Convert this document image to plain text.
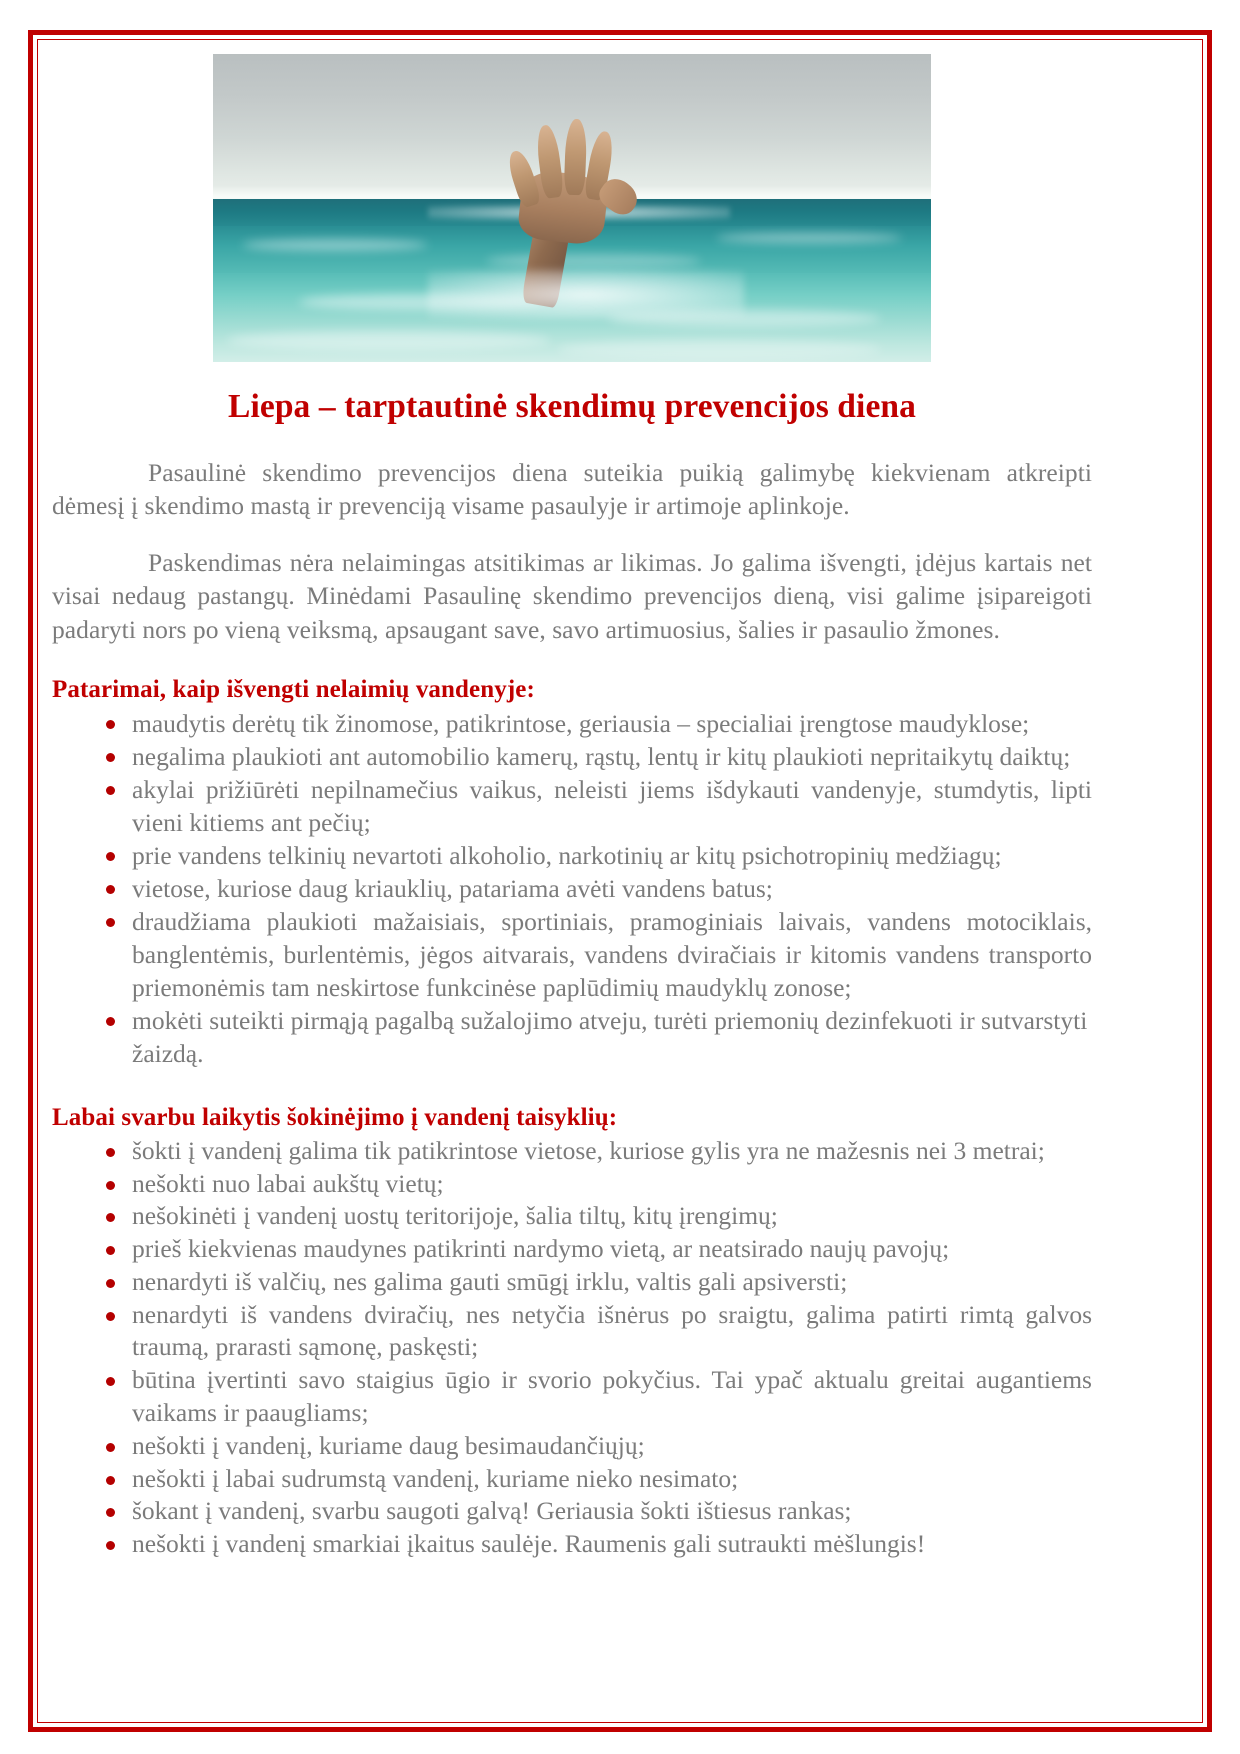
Liepa – tarptautinė skendimų prevencijos diena

Pasaulinė skendimo prevencijos diena suteikia puikią galimybę kiekvienam atkreipti dėmesį į skendimo mastą ir prevenciją visame pasaulyje ir artimoje aplinkoje.

Paskendimas nėra nelaimingas atsitikimas ar likimas. Jo galima išvengti, įdėjus kartais net visai nedaug pastangų. Minėdami Pasaulinę skendimo prevencijos dieną, visi galime įsipareigoti padaryti nors po vieną veiksmą, apsaugant save, savo artimuosius, šalies ir pasaulio žmones.

Patarimai, kaip išvengti nelaimių vandenyje:
maudytis derėtų tik žinomose, patikrintose, geriausia – specialiai įrengtose maudyklose;
negalima plaukioti ant automobilio kamerų, rąstų, lentų ir kitų plaukioti nepritaikytų daiktų;
akylai prižiūrėti nepilnamečius vaikus, neleisti jiems išdykauti vandenyje, stumdytis, lipti vieni kitiems ant pečių;
prie vandens telkinių nevartoti alkoholio, narkotinių ar kitų psichotropinių medžiagų;
vietose, kuriose daug kriauklių, patariama avėti vandens batus;
draudžiama plaukioti mažaisiais, sportiniais, pramoginiais laivais, vandens motociklais, banglentėmis, burlentėmis, jėgos aitvarais, vandens dviračiais ir kitomis vandens transporto priemonėmis tam neskirtose funkcinėse paplūdimių maudyklų zonose;
mokėti suteikti pirmąją pagalbą sužalojimo atveju, turėti priemonių dezinfekuoti ir sutvarstyti žaizdą.
Labai svarbu laikytis šokinėjimo į vandenį taisyklių:
šokti į vandenį galima tik patikrintose vietose, kuriose gylis yra ne mažesnis nei 3 metrai;
nešokti nuo labai aukštų vietų;
nešokinėti į vandenį uostų teritorijoje, šalia tiltų, kitų įrengimų;
prieš kiekvienas maudynes patikrinti nardymo vietą, ar neatsirado naujų pavojų;
nenardyti iš valčių, nes galima gauti smūgį irklu, valtis gali apsiversti;
nenardyti iš vandens dviračių, nes netyčia išnėrus po sraigtu, galima patirti rimtą galvos traumą, prarasti sąmonę, paskęsti;
būtina įvertinti savo staigius ūgio ir svorio pokyčius. Tai ypač aktualu greitai augantiems vaikams ir paaugliams;
nešokti į vandenį, kuriame daug besimaudančiųjų;
nešokti į labai sudrumstą vandenį, kuriame nieko nesimato;
šokant į vandenį, svarbu saugoti galvą! Geriausia šokti ištiesus rankas;
nešokti į vandenį smarkiai įkaitus saulėje. Raumenis gali sutraukti mėšlungis!
